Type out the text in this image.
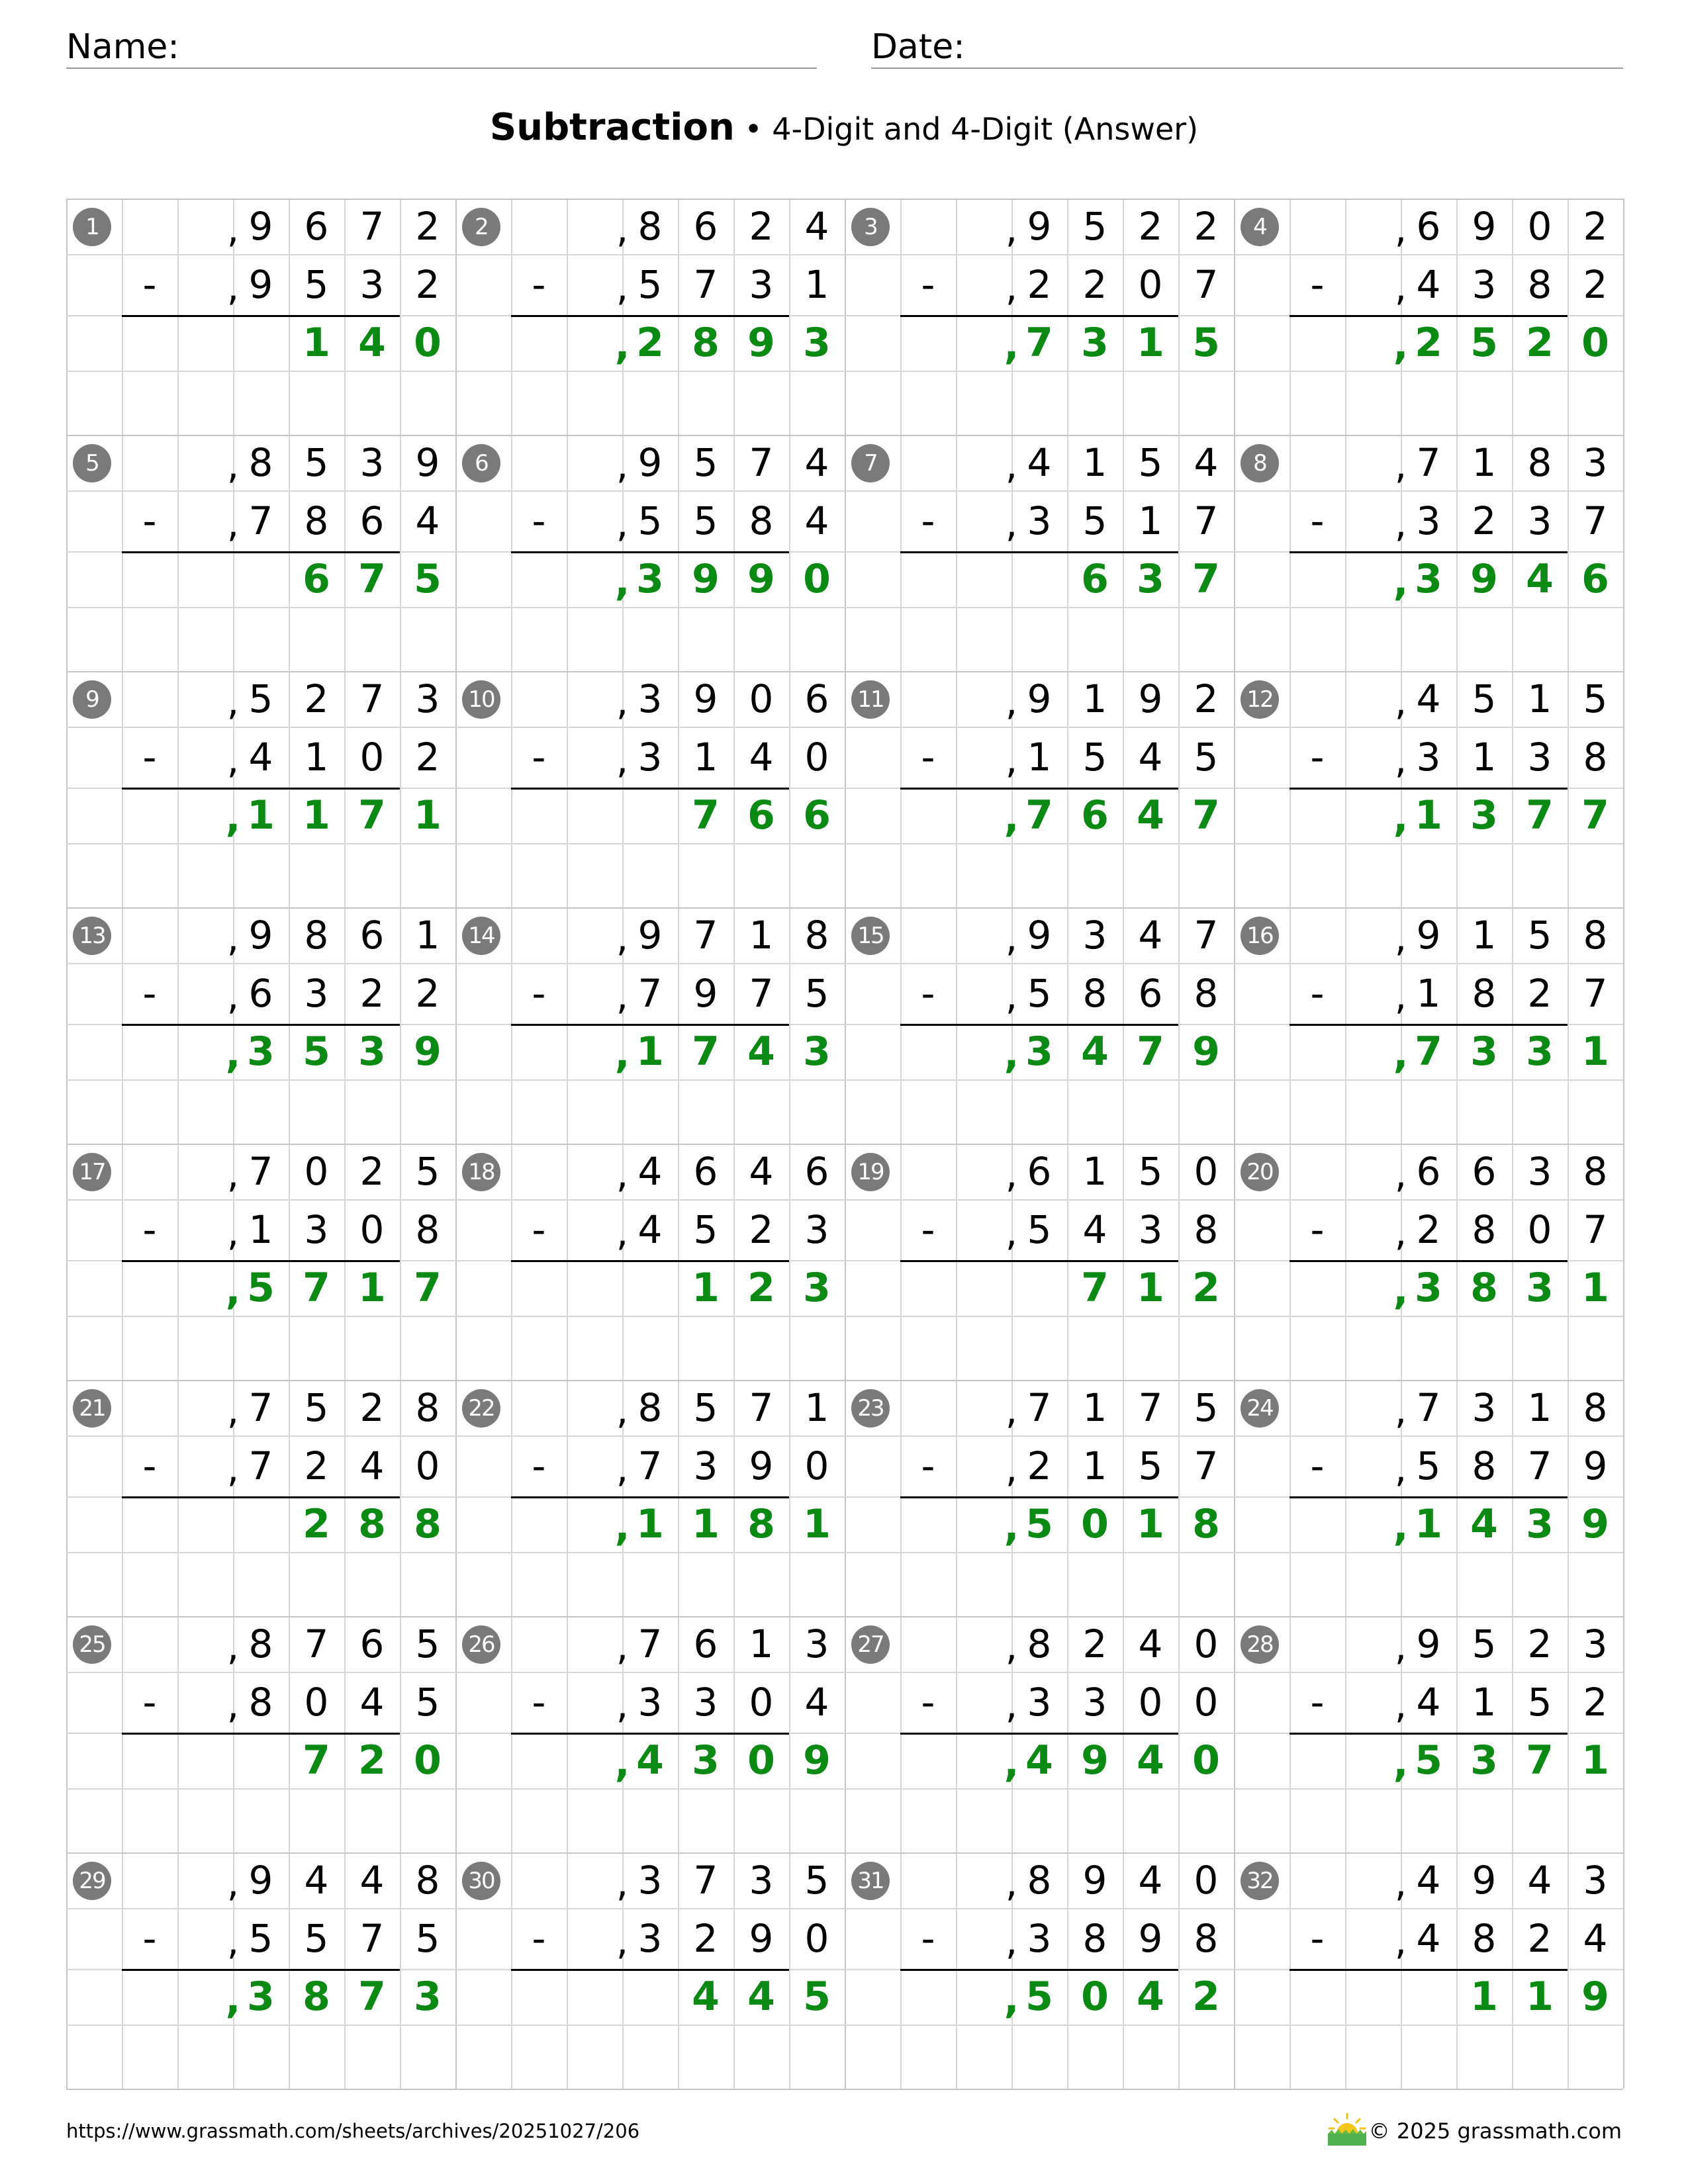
Name:	Date:
Subtraction • 4-Digit and 4-Digit (Answer)
1	9 6 7 2
,
9 5 3 2
,
1 4 0
-
2	8 6 2 4
,
5 7 3 1
,
2 8 9 3
,
-
3	9 5 2 2
,
2 2 0 7
,
7 3 1 5
,
-
4	6 9 0 2
,
4 3 8 2
,
2 5 2 0
,
-
5	8 5 3 9
,
7 8 6 4
,
6 7 5
-
6	9 5 7 4
,
5 5 8 4
,
3 9 9 0
,
-
7	4 1 5 4
,
3 5 1 7
,
6 3 7
-
8	7 1 8 3
,
3 2 3 7
,
3 9 4 6
,
-
9	5 2 7 3
,
4 1 0 2
,
1 1 7 1
,
-
10	3 9 0 6
,
3 1 4 0
,
7 6 6
-
11	9 1 9 2
,
1 5 4 5
,
7 6 4 7
,
-
12	4 5 1 5
,
3 1 3 8
,
1 3 7 7
,
-
13	9 8 6 1
,
6 3 2 2
,
3 5 3 9
,
-
14	9 7 1 8
,
7 9 7 5
,
1 7 4 3
,
-
15	9 3 4 7
,
5 8 6 8
,
3 4 7 9
,
-
16	9 1 5 8
,
1 8 2 7
,
7 3 3 1
,
-
17	7 0 2 5
,
1 3 0 8
,
5 7 1 7
,
-
18	4 6 4 6
,
4 5 2 3
,
1 2 3
-
19	6 1 5 0
,
5 4 3 8
,
7 1 2
-
20	6 6 3 8
,
2 8 0 7
,
3 8 3 1
,
-
21	7 5 2 8
,
7 2 4 0
,
2 8 8
-
22	8 5 7 1
,
7 3 9 0
,
1 1 8 1
,
-
23	7 1 7 5
,
2 1 5 7
,
5 0 1 8
,
-
24	7 3 1 8
,
5 8 7 9
,
1 4 3 9
,
-
25	8 7 6 5
,
8 0 4 5
,
7 2 0
-
26	7 6 1 3
,
3 3 0 4
,
4 3 0 9
,
-
27	8 2 4 0
,
3 3 0 0
,
4 9 4 0
,
-
28	9 5 2 3
,
4 1 5 2
,
5 3 7 1
,
-
29	9 4 4 8
,
5 5 7 5
,
3 8 7 3
,
-
30	3 7 3 5
,
3 2 9 0
,
4 4 5
-
31	8 9 4 0
,
3 8 9 8
,
5 0 4 2
,
-
32	4 9 4 3
,
4 8 2 4
,
1 1 9
-
https://www.grassmath.com/sheets/archives/20251027/206	© 2025 grassmath.com
